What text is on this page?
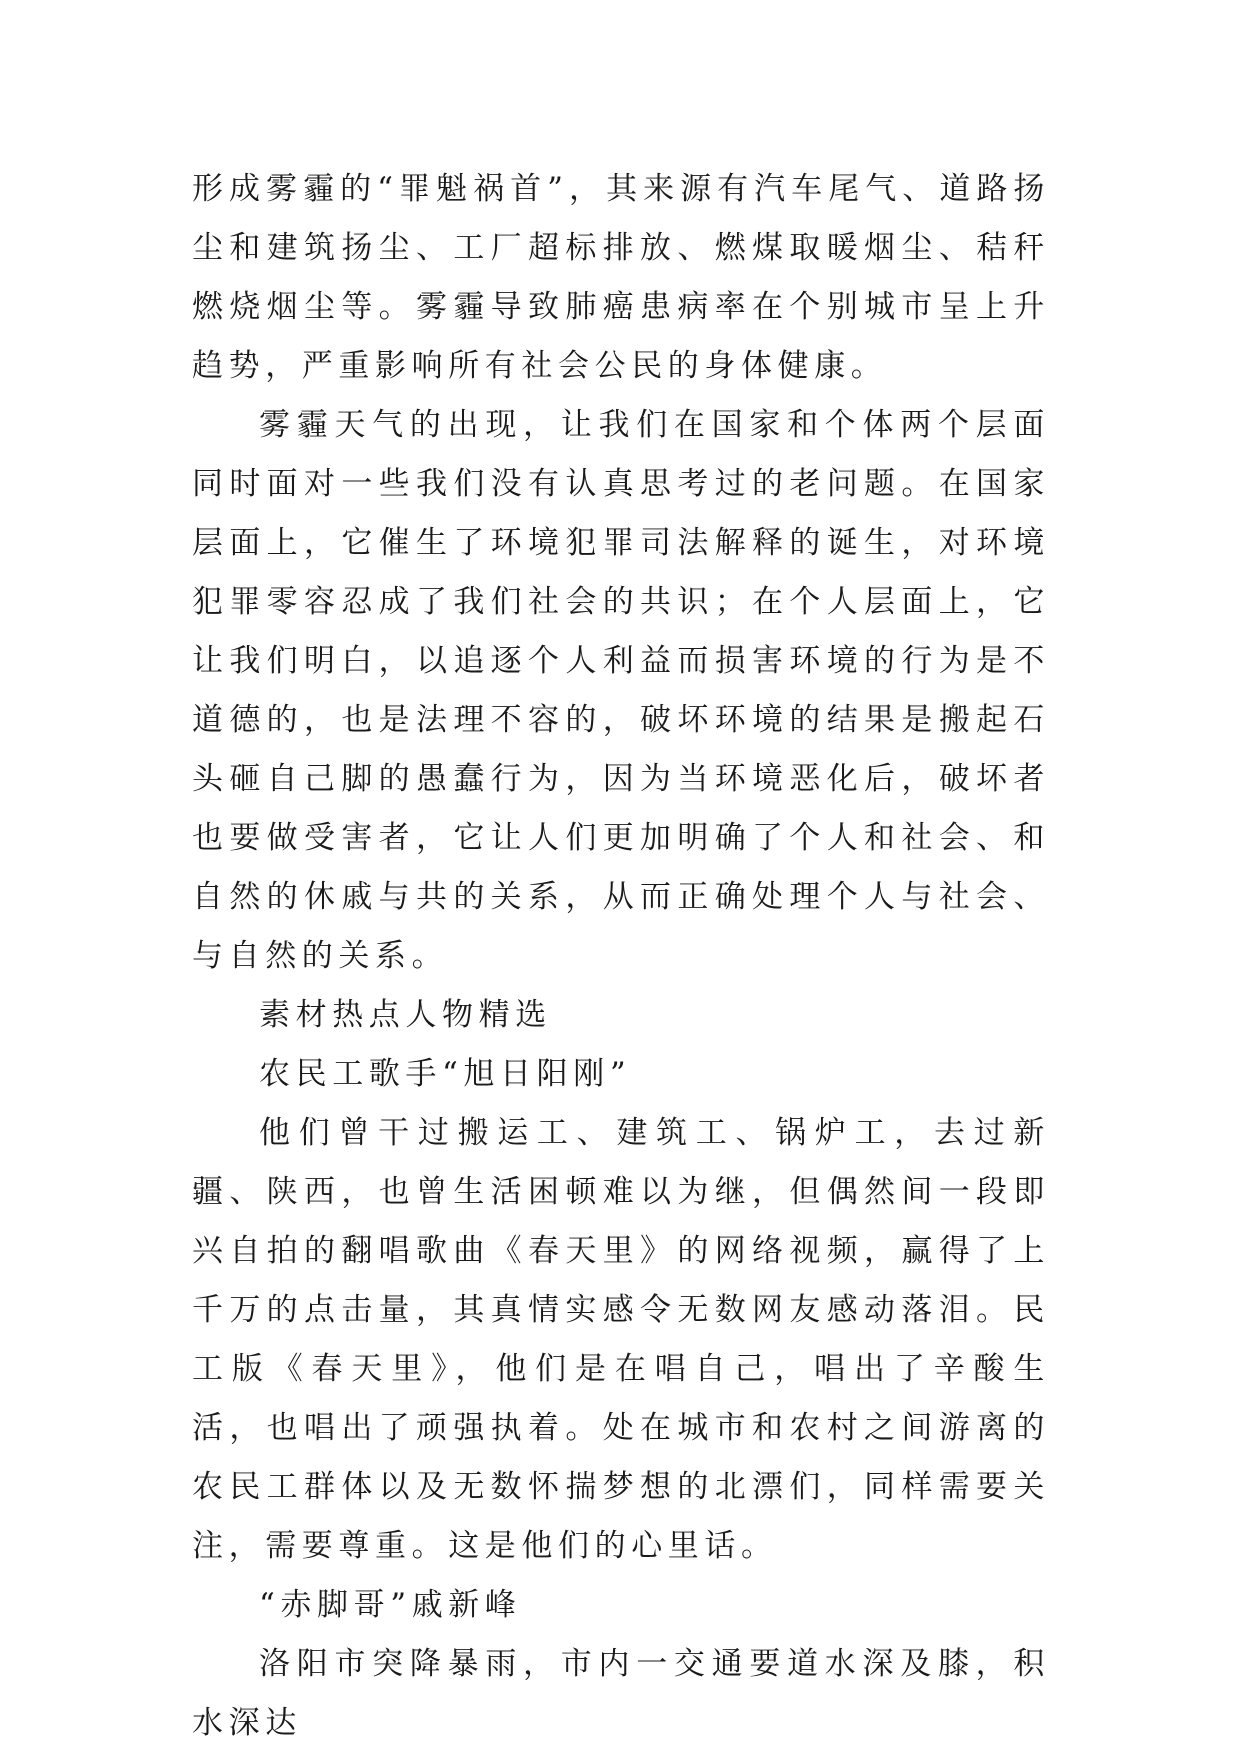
形成雾霾的“罪魁祸首”，其来源有汽车尾气、道路扬尘和建筑扬尘、工厂超标排放、燃煤取暖烟尘、秸秆燃烧烟尘等。雾霾导致肺癌患病率在个别城市呈上升趋势，严重影响所有社会公民的身体健康。

雾霾天气的出现，让我们在国家和个体两个层面同时面对一些我们没有认真思考过的老问题。在国家层面上，它催生了环境犯罪司法解释的诞生，对环境犯罪零容忍成了我们社会的共识；在个人层面上，它让我们明白，以追逐个人利益而损害环境的行为是不道德的，也是法理不容的，破坏环境的结果是搬起石头砸自己脚的愚蠢行为，因为当环境恶化后，破坏者也要做受害者，它让人们更加明确了个人和社会、和自然的休戚与共的关系，从而正确处理个人与社会、与自然的关系。

素材热点人物精选

农民工歌手“旭日阳刚”

他们曾干过搬运工、建筑工、锅炉工，去过新疆、陕西，也曾生活困顿难以为继，但偶然间一段即兴自拍的翻唱歌曲《春天里》的网络视频，赢得了上千万的点击量，其真情实感令无数网友感动落泪。民工版《春天里》，他们是在唱自己，唱出了辛酸生活，也唱出了顽强执着。处在城市和农村之间游离的农民工群体以及无数怀揣梦想的北漂们，同样需要关注，需要尊重。这是他们的心里话。

“赤脚哥”戚新峰

洛阳市突降暴雨，市内一交通要道水深及膝，积水深达
